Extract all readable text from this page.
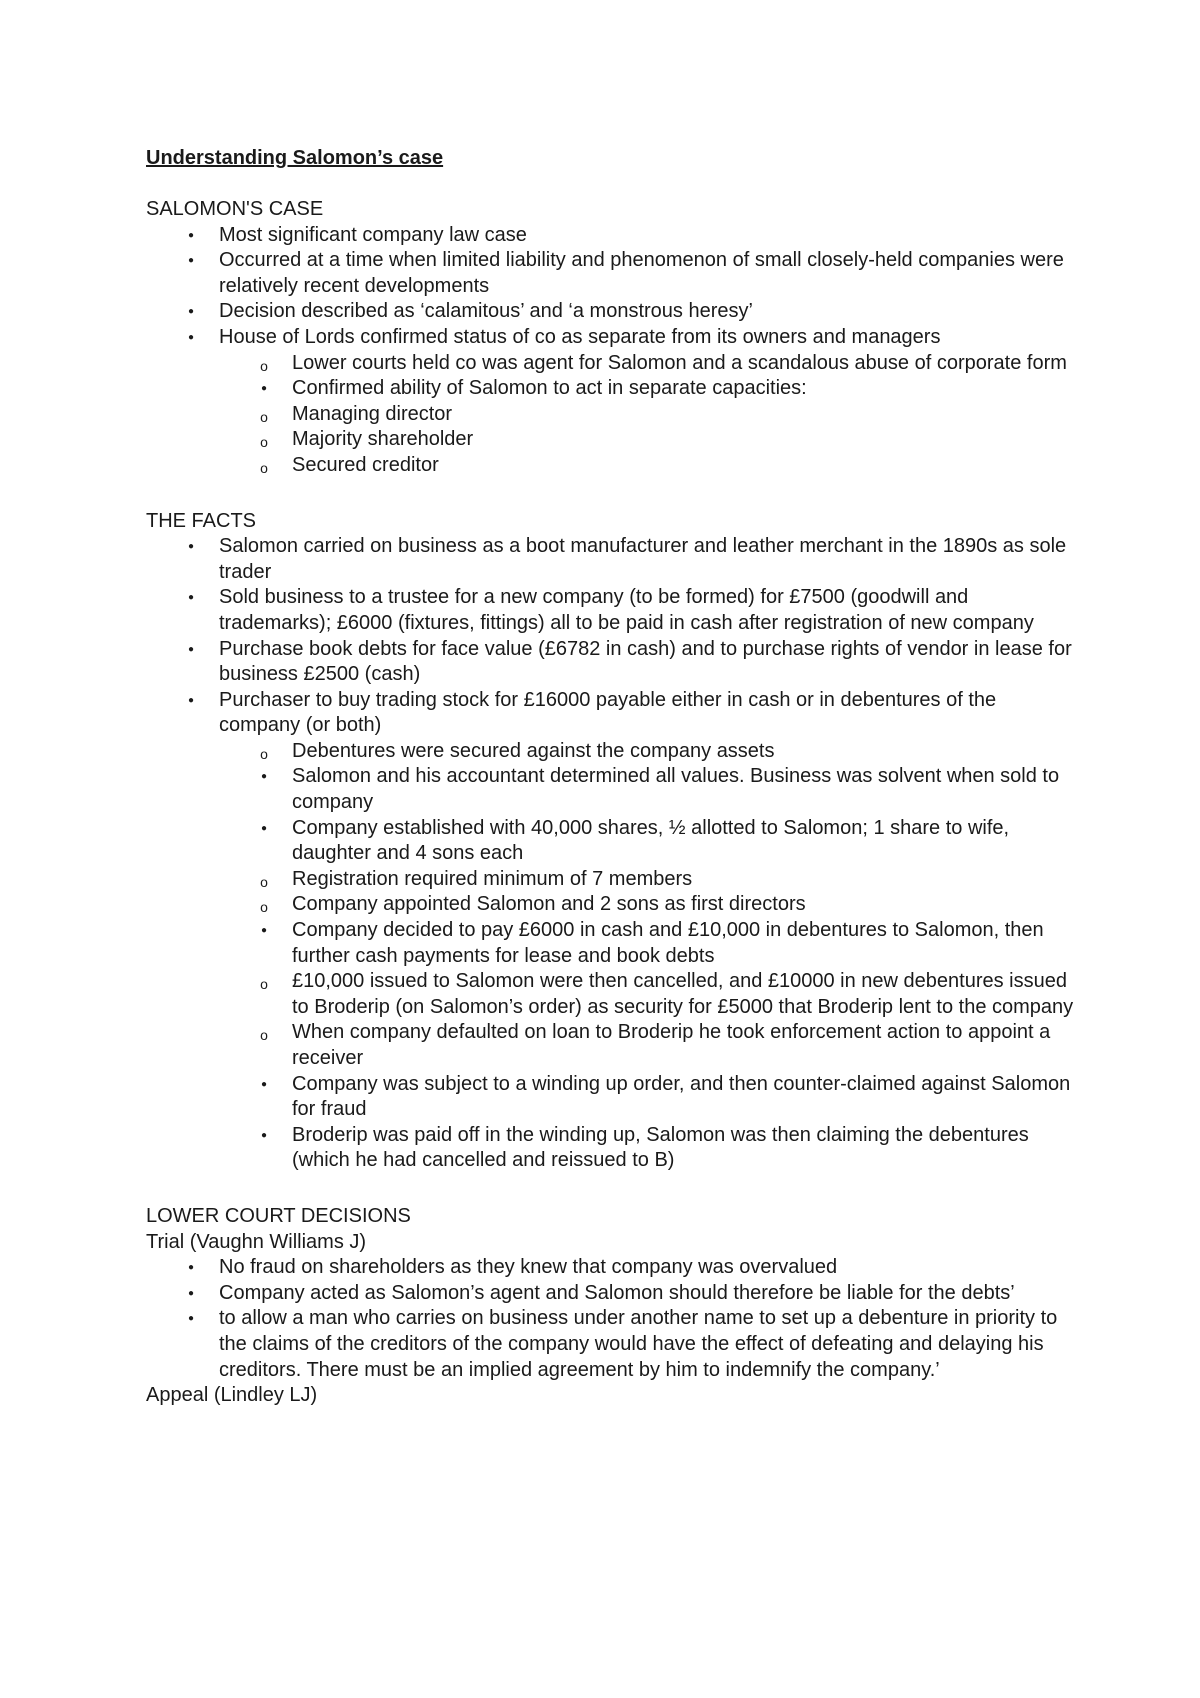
Understanding Salomon’s case

SALOMON'S CASE

●
Most significant company law case
●
Occurred at a time when limited liability and phenomenon of small closely-held companies were relatively recent developments
●
Decision described as ‘calamitous’ and ‘a monstrous heresy’
●
House of Lords confirmed status of co as separate from its owners and managers
o
Lower courts held co was agent for Salomon and a scandalous abuse of corporate form
●
Confirmed ability of Salomon to act in separate capacities:
o
Managing director
o
Majority shareholder
o
Secured creditor

THE FACTS

●
Salomon carried on business as a boot manufacturer and leather merchant in the 1890s as sole trader
●
Sold business to a trustee for a new company (to be formed) for £7500 (goodwill and trademarks); £6000 (fixtures, fittings) all to be paid in cash after registration of new company
●
Purchase book debts for face value (£6782 in cash) and to purchase rights of vendor in lease for business £2500 (cash)
●
Purchaser to buy trading stock for £16000 payable either in cash or in debentures of the company (or both)
o
Debentures were secured against the company assets
●
Salomon and his accountant determined all values. Business was solvent when sold to company
●
Company established with 40,000 shares, ½ allotted to Salomon; 1 share to wife, daughter and 4 sons each
o
Registration required minimum of 7 members
o
Company appointed Salomon and 2 sons as first directors
●
Company decided to pay £6000 in cash and £10,000 in debentures to Salomon, then further cash payments for lease and book debts
o
£10,000 issued to Salomon were then cancelled, and £10000 in new debentures issued to Broderip (on Salomon’s order) as security for £5000 that Broderip lent to the company
o
When company defaulted on loan to Broderip he took enforcement action to appoint a receiver
●
Company was subject to a winding up order, and then counter-claimed against Salomon for fraud
●
Broderip was paid off in the winding up, Salomon was then claiming the debentures (which he had cancelled and reissued to B)

LOWER COURT DECISIONS

Trial (Vaughn Williams J)

●
No fraud on shareholders as they knew that company was overvalued
●
Company acted as Salomon’s agent and Salomon should therefore be liable for the debts’
●
to allow a man who carries on business under another name to set up a debenture in priority to the claims of the creditors of the company would have the effect of defeating and delaying his creditors. There must be an implied agreement by him to indemnify the company.’

Appeal (Lindley LJ)
